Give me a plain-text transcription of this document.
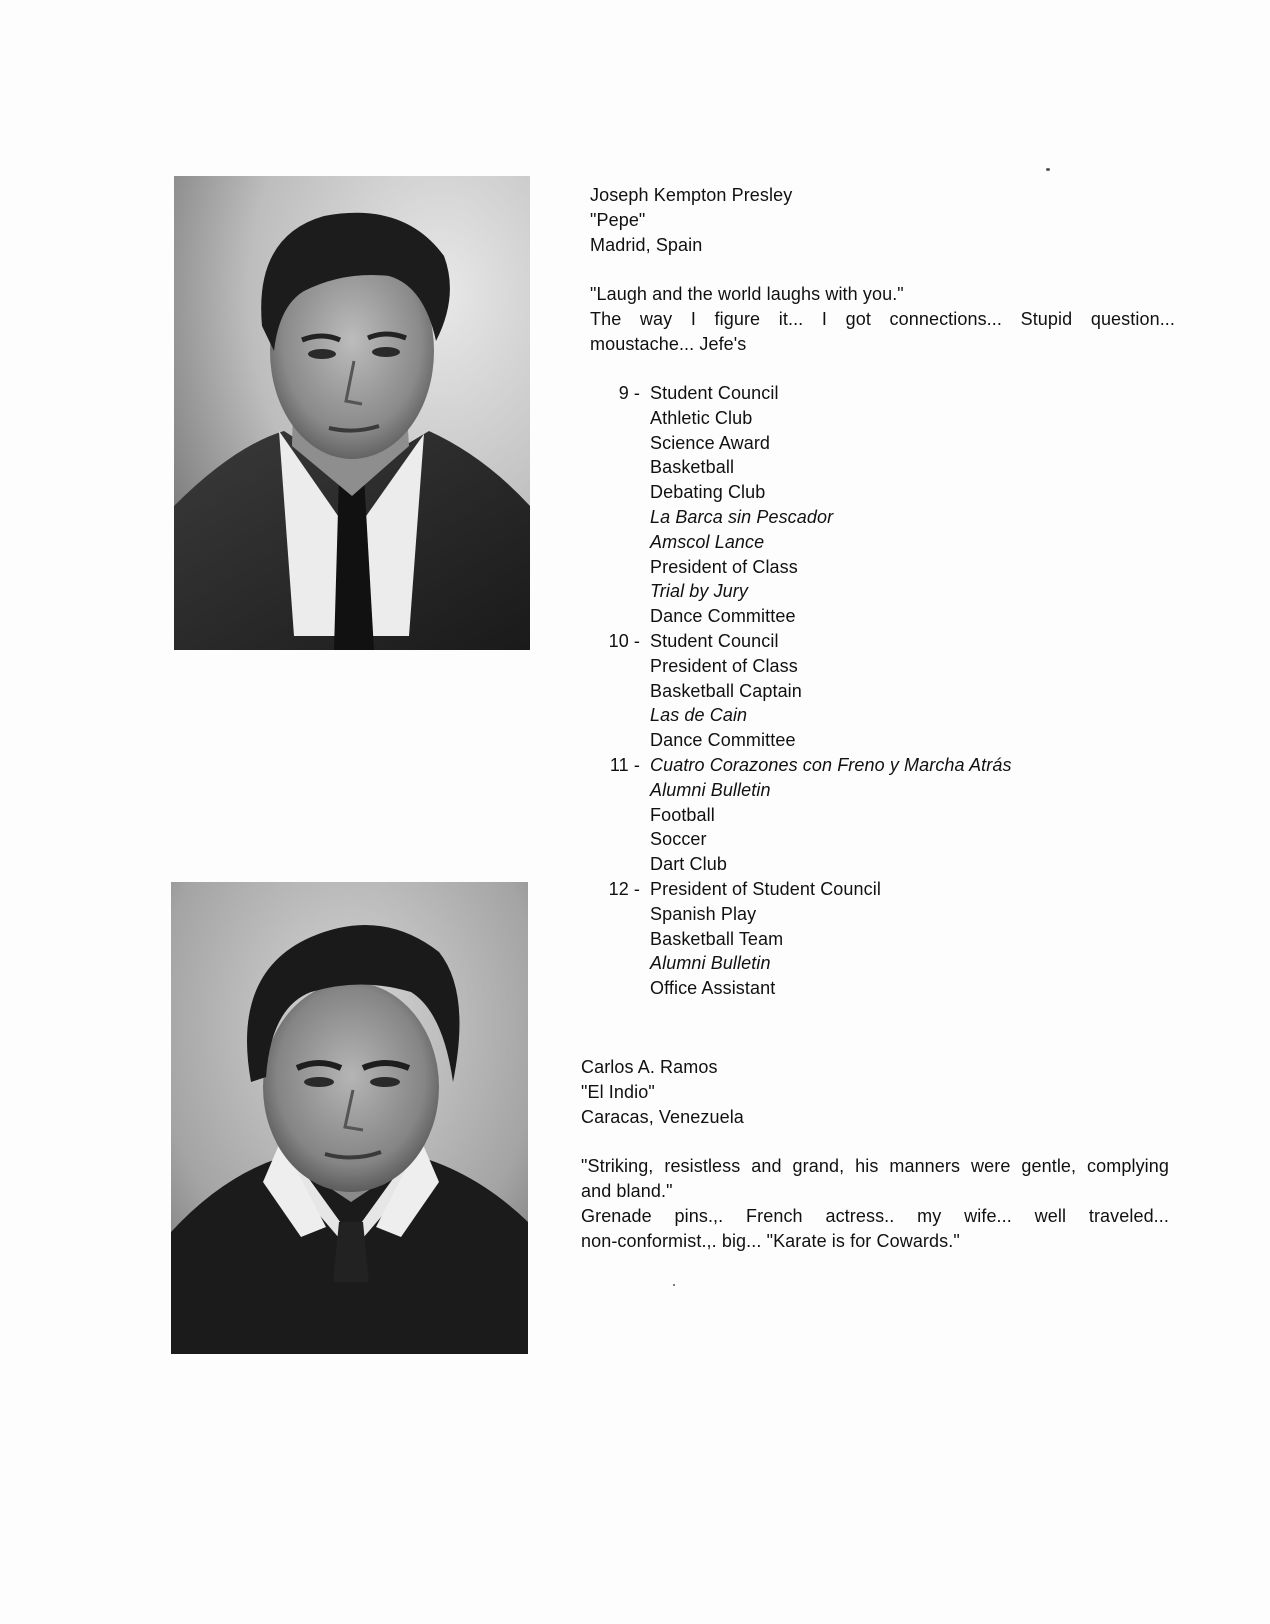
Joseph Kempton Presley
"Pepe"
Madrid, Spain
"Laugh and the world laughs with you."
The way I figure it... I got connections... Stupid question...
moustache... Jefe's
9 - Student Council
Athletic Club
Science Award
Basketball
Debating Club
La Barca sin Pescador
Amscol Lance
President of Class
Trial by Jury
Dance Committee
10 - Student Council
President of Class
Basketball Captain
Las de Cain
Dance Committee
11 - Cuatro Corazones con Freno y Marcha Atrás
Alumni Bulletin
Football
Soccer
Dart Club
12 - President of Student Council
Spanish Play
Basketball Team
Alumni Bulletin
Office Assistant
Carlos A. Ramos
"El Indio"
Caracas, Venezuela
"Striking, resistless and grand, his manners were gentle, complying
and bland."
Grenade pins.,. French actress.. my wife... well traveled...
non-conformist.,. big... "Karate is for Cowards."
